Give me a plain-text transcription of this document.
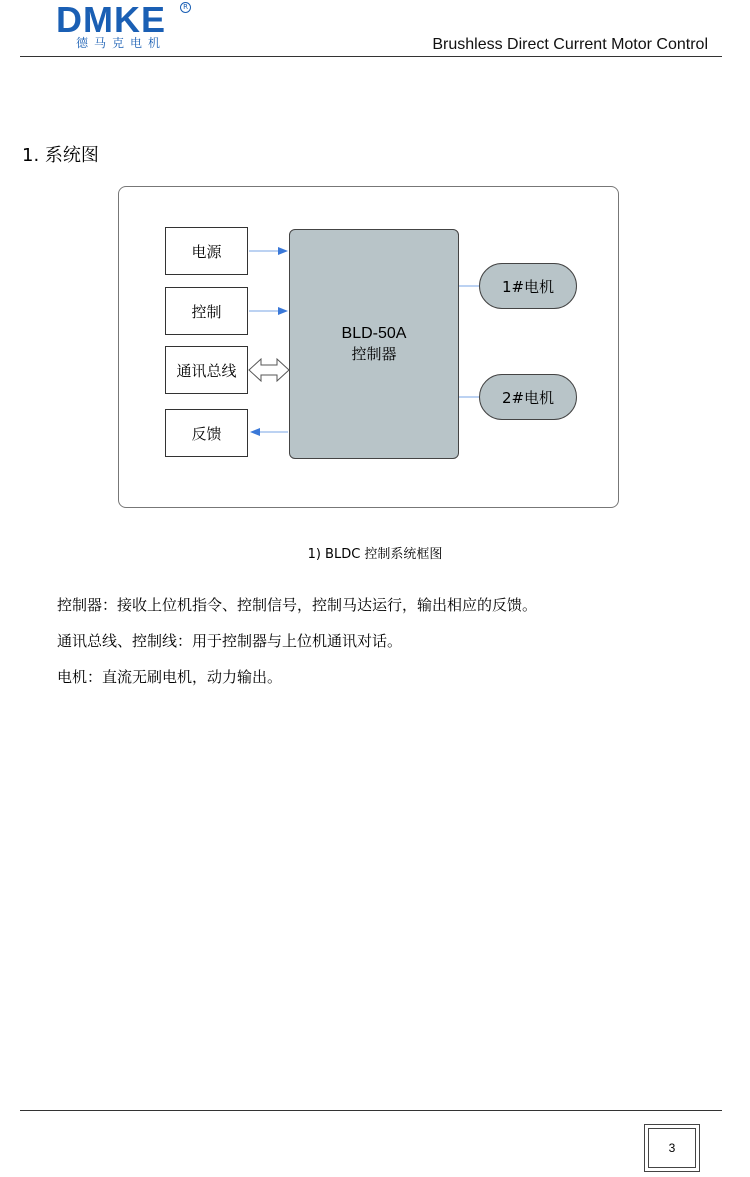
DMKE	R
德马克电机	Brushless Direct Current Motor Control
1. 系统图
电源
控制
通讯总线
反馈
BLD-50A
控制器
1#电机
2#电机
1) BLDC 控制系统框图
控制器：接收上位机指令、控制信号，控制马达运行，输出相应的反馈。
通讯总线、控制线：用于控制器与上位机通讯对话。
电机：直流无刷电机，动力输出。
3
